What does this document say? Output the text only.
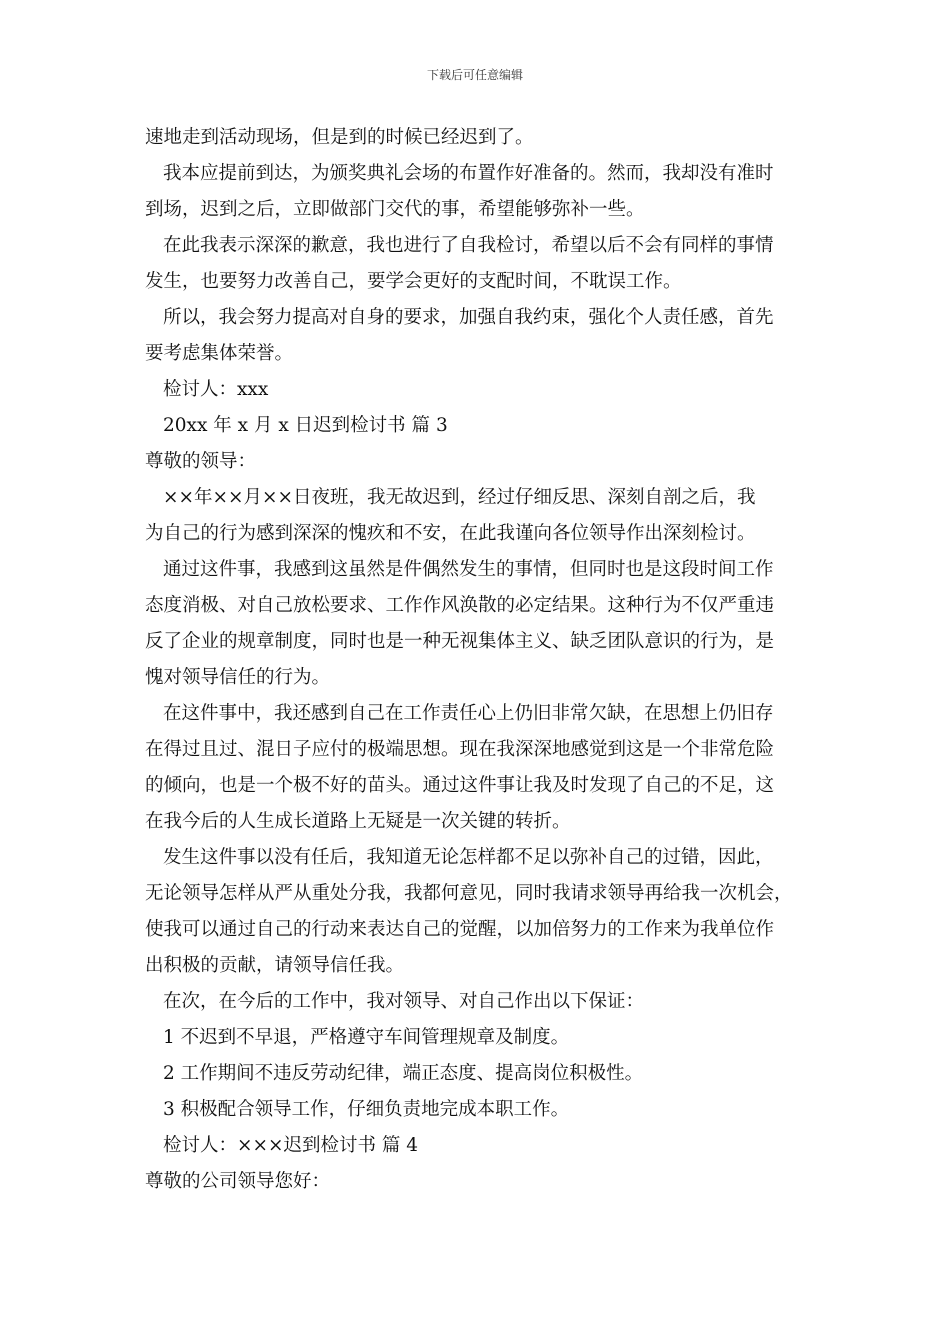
下载后可任意编辑
速地走到活动现场，但是到的时候已经迟到了。
我本应提前到达，为颁奖典礼会场的布置作好准备的。然而，我却没有准时
到场，迟到之后，立即做部门交代的事，希望能够弥补一些。
在此我表示深深的歉意，我也进行了自我检讨，希望以后不会有同样的事情
发生，也要努力改善自己，要学会更好的支配时间，不耽误工作。
所以，我会努力提高对自身的要求，加强自我约束，强化个人责任感，首先
要考虑集体荣誉。
检讨人：xxx
20xx 年 x 月 x 日迟到检讨书 篇 3
尊敬的领导：
××年××月××日夜班，我无故迟到，经过仔细反思、深刻自剖之后，我
为自己的行为感到深深的愧疚和不安，在此我谨向各位领导作出深刻检讨。
通过这件事，我感到这虽然是件偶然发生的事情，但同时也是这段时间工作
态度消极、对自己放松要求、工作作风涣散的必定结果。这种行为不仅严重违
反了企业的规章制度，同时也是一种无视集体主义、缺乏团队意识的行为，是
愧对领导信任的行为。
在这件事中，我还感到自己在工作责任心上仍旧非常欠缺，在思想上仍旧存
在得过且过、混日子应付的极端思想。现在我深深地感觉到这是一个非常危险
的倾向，也是一个极不好的苗头。通过这件事让我及时发现了自己的不足，这
在我今后的人生成长道路上无疑是一次关键的转折。
发生这件事以没有任后，我知道无论怎样都不足以弥补自己的过错，因此，
无论领导怎样从严从重处分我，我都何意见，同时我请求领导再给我一次机会，
使我可以通过自己的行动来表达自己的觉醒，以加倍努力的工作来为我单位作
出积极的贡献，请领导信任我。
在次，在今后的工作中，我对领导、对自己作出以下保证：
1 不迟到不早退，严格遵守车间管理规章及制度。
2 工作期间不违反劳动纪律，端正态度、提高岗位积极性。
3 积极配合领导工作，仔细负责地完成本职工作。
检讨人：×××迟到检讨书 篇 4
尊敬的公司领导您好：
